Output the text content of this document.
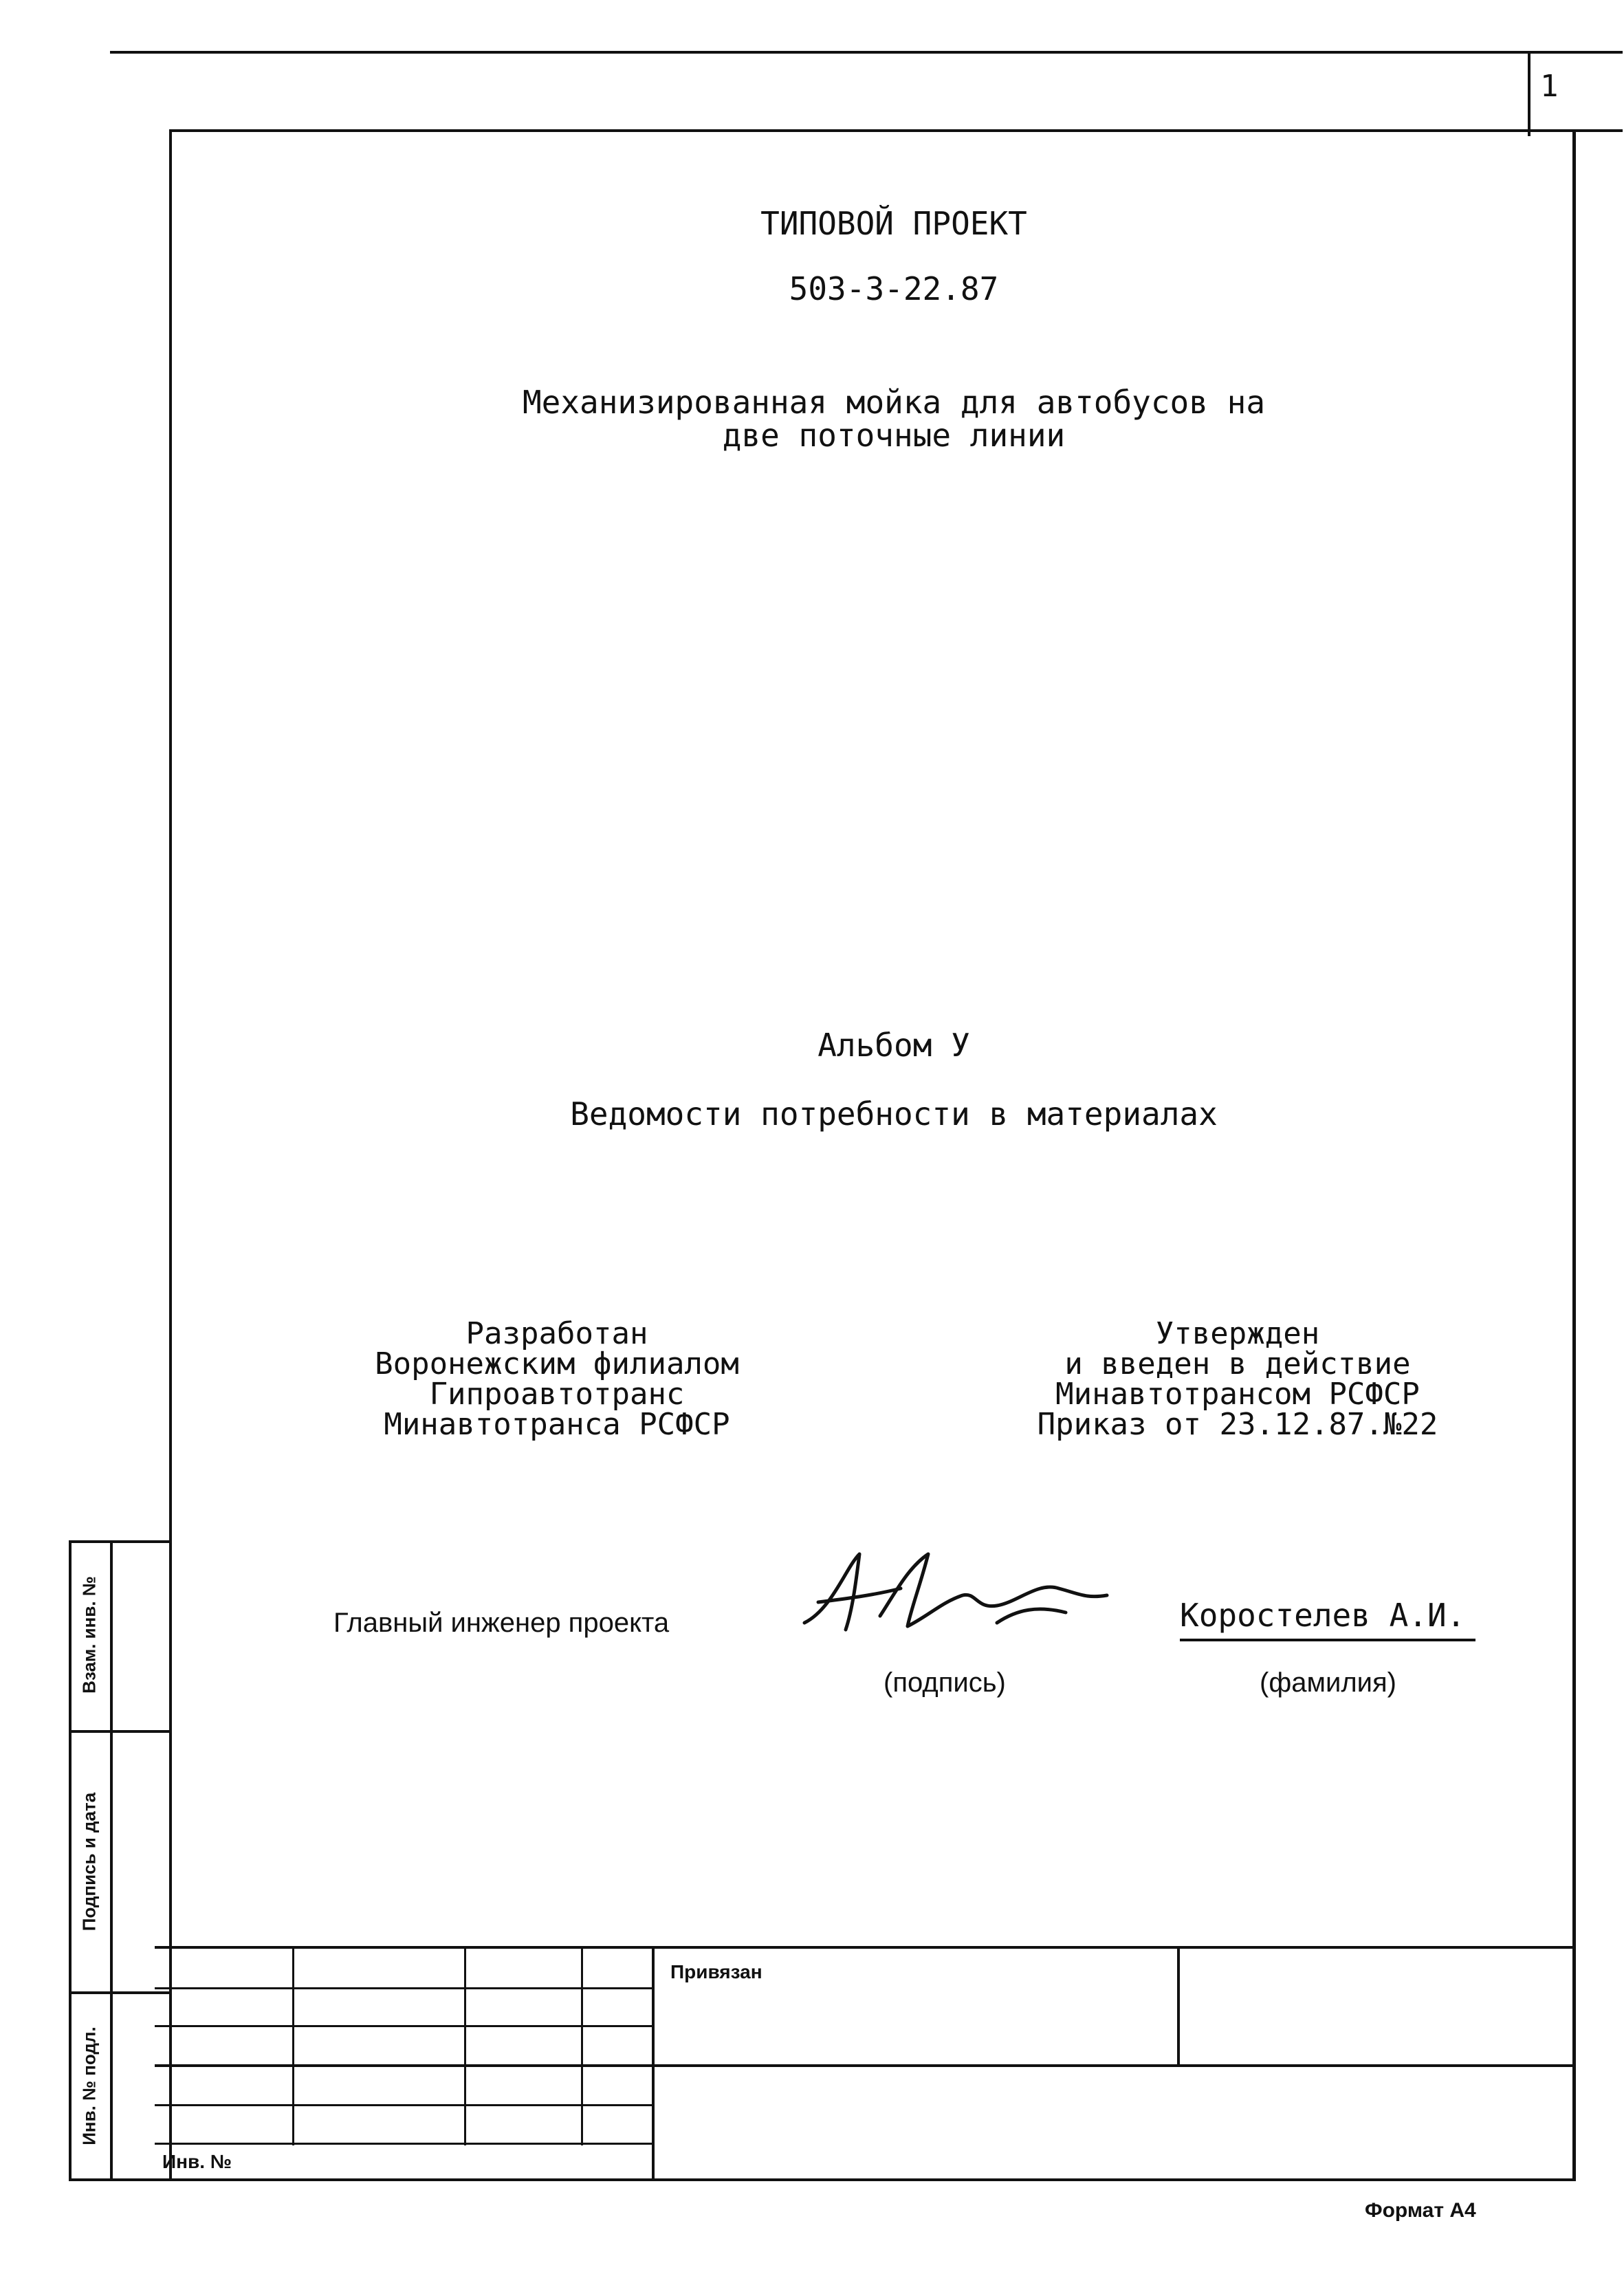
1
ТИПОВОЙ ПРОЕКТ
503-3-22.87
Механизированная мойка для автобусов на
две поточные линии
Альбом У
Ведомости потребности в материалах
Разработан
Воронежским филиалом
Гипроавтотранс
Минавтотранса РСФСР
Утвержден
и введен в действие
Минавтотрансом РСФСР
Приказ от 23.12.87.№22
Главный инженер проекта
(подпись)
Коростелев А.И.
(фамилия)
Взам. инв. №
Подпись и дата
Инв. № подл.
Привязан
Инв. №
Формат А4
